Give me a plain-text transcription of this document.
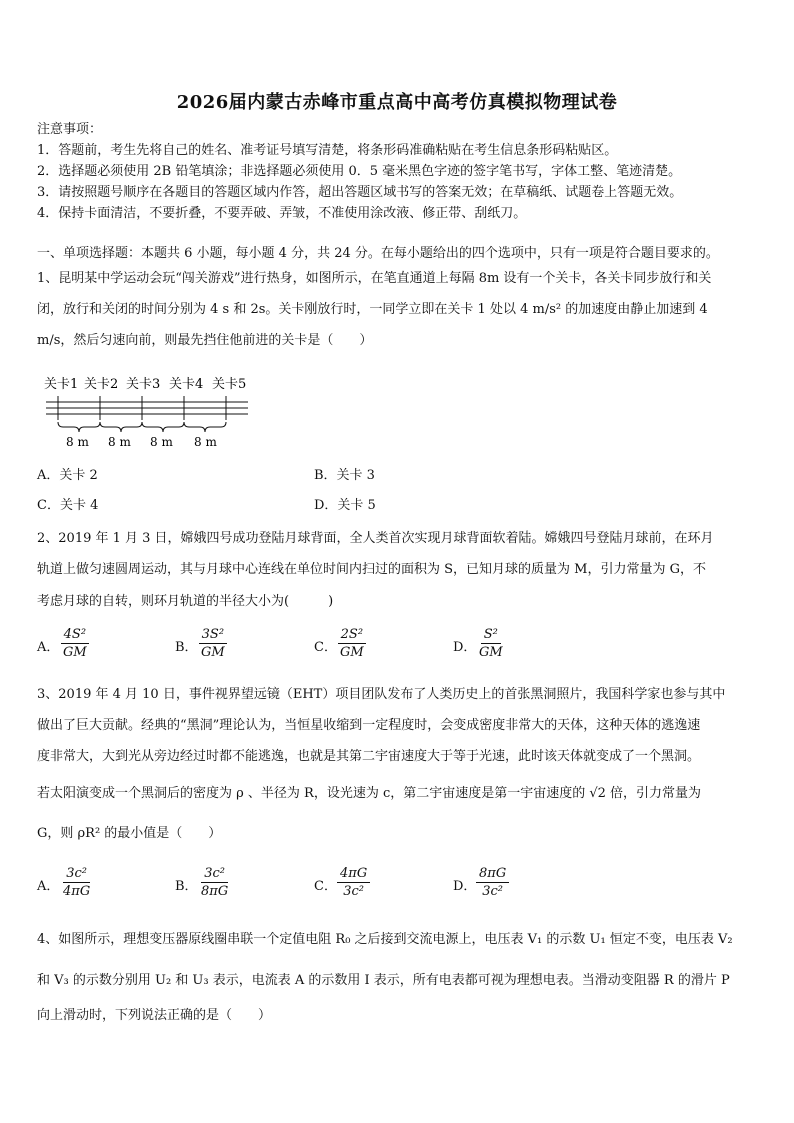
2026届内蒙古赤峰市重点高中高考仿真模拟物理试卷
注意事项：
1．答题前，考生先将自己的姓名、准考证号填写清楚，将条形码准确粘贴在考生信息条形码粘贴区。
2．选择题必须使用 2B 铅笔填涂；非选择题必须使用 0．5 毫米黑色字迹的签字笔书写，字体工整、笔迹清楚。
3．请按照题号顺序在各题目的答题区域内作答，超出答题区域书写的答案无效；在草稿纸、试题卷上答题无效。
4．保持卡面清洁，不要折叠，不要弄破、弄皱，不准使用涂改液、修正带、刮纸刀。
一、单项选择题：本题共 6 小题，每小题 4 分，共 24 分。在每小题给出的四个选项中，只有一项是符合题目要求的。
1、昆明某中学运动会玩“闯关游戏”进行热身，如图所示，在笔直通道上每隔 8m 设有一个关卡，各关卡同步放行和关
闭，放行和关闭的时间分别为 4 s 和 2s。关卡刚放行时，一同学立即在关卡 1 处以 4 m/s² 的加速度由静止加速到 4
m/s，然后匀速向前，则最先挡住他前进的关卡是（　　）
关卡1 关卡2 关卡3 关卡4 关卡5
8 m 8 m 8 m 8 m
A．关卡 2	B．关卡 3
C．关卡 4	D．关卡 5
2、2019 年 1 月 3 日，嫦娥四号成功登陆月球背面，全人类首次实现月球背面软着陆。嫦娥四号登陆月球前，在环月
轨道上做匀速圆周运动，其与月球中心连线在单位时间内扫过的面积为 S，已知月球的质量为 M，引力常量为 G，不
考虑月球的自转，则环月轨道的半径大小为(　　　)
A． $\frac{\text{4S²}}{GM}$	B． $\frac{\text{3S²}}{GM}$	C． $\frac{\text{2S²}}{GM}$	D． $\frac{\text{S²}}{GM}$
3、2019 年 4 月 10 日，事件视界望远镜（EHT）项目团队发布了人类历史上的首张黑洞照片，我国科学家也参与其中
做出了巨大贡献。经典的“黑洞”理论认为，当恒星收缩到一定程度时，会变成密度非常大的天体，这种天体的逃逸速
度非常大，大到光从旁边经过时都不能逃逸，也就是其第二宇宙速度大于等于光速，此时该天体就变成了一个黑洞。
若太阳演变成一个黑洞后的密度为 ρ 、半径为 R，设光速为 c，第二宇宙速度是第一宇宙速度的 √2 倍，引力常量为
G，则 ρR² 的最小值是（　　）
A． $\frac{\text{3c²}}{4\pi G}$	B． $\frac{\text{3c²}}{8\pi G}$	C． $\frac{4\pi G}{\text{3c²}}$	D． $\frac{8\pi G}{\text{3c²}}$
4、如图所示，理想变压器原线圈串联一个定值电阻 R₀ 之后接到交流电源上，电压表 V₁ 的示数 U₁ 恒定不变，电压表 V₂
和 V₃ 的示数分别用 U₂ 和 U₃ 表示，电流表 A 的示数用 I 表示，所有电表都可视为理想电表。当滑动变阻器 R 的滑片 P
向上滑动时，下列说法正确的是（　　）
